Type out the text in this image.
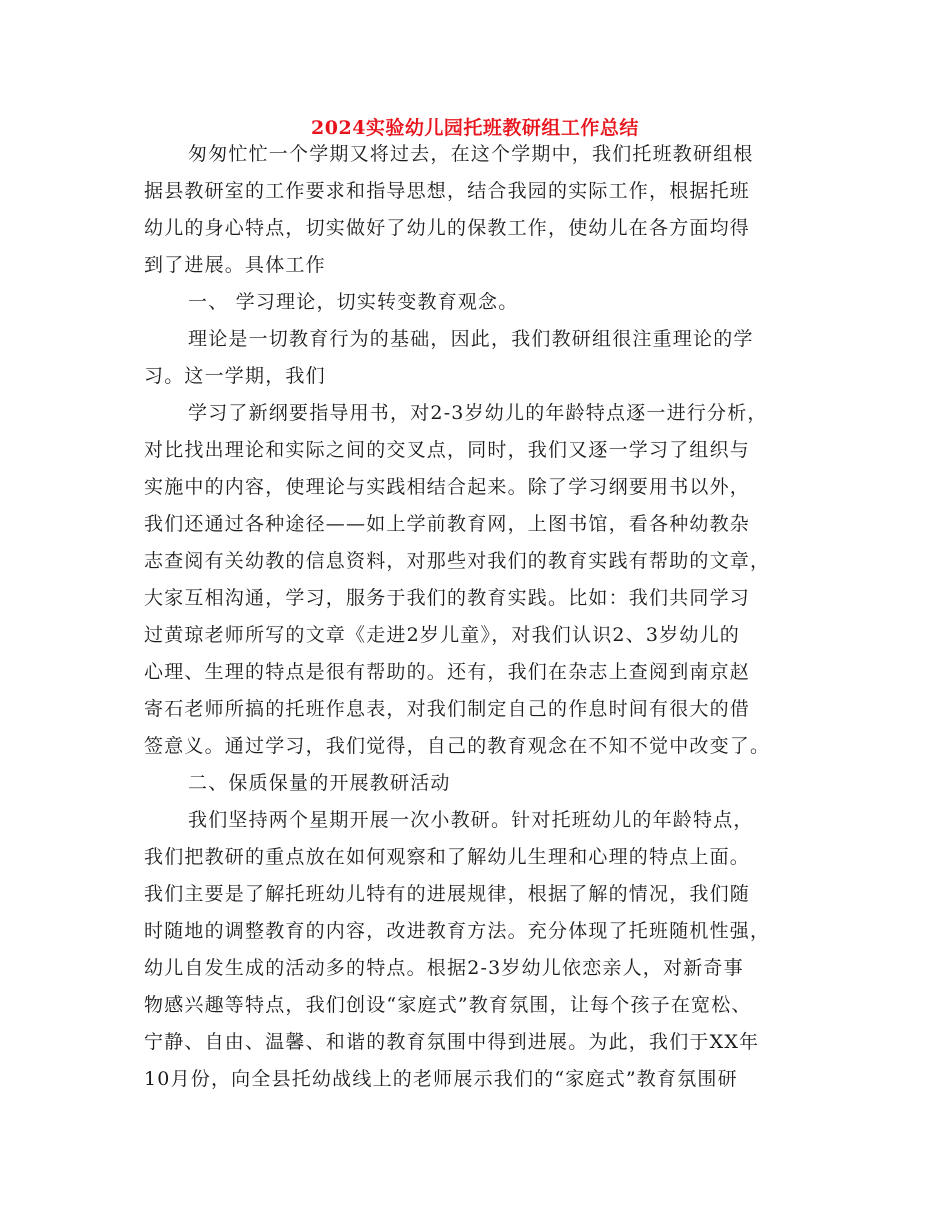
2024实验幼儿园托班教研组工作总结
匆匆忙忙一个学期又将过去，在这个学期中，我们托班教研组根
据县教研室的工作要求和指导思想，结合我园的实际工作，根据托班
幼儿的身心特点，切实做好了幼儿的保教工作，使幼儿在各方面均得
到了进展。具体工作
一、 学习理论，切实转变教育观念。
理论是一切教育行为的基础，因此，我们教研组很注重理论的学
习。这一学期，我们
学习了新纲要指导用书，对2-3岁幼儿的年龄特点逐一进行分析，
对比找出理论和实际之间的交叉点，同时，我们又逐一学习了组织与
实施中的内容，使理论与实践相结合起来。除了学习纲要用书以外，
我们还通过各种途径——如上学前教育网，上图书馆，看各种幼教杂
志查阅有关幼教的信息资料，对那些对我们的教育实践有帮助的文章，
大家互相沟通，学习，服务于我们的教育实践。比如：我们共同学习
过黄琼老师所写的文章《走进2岁儿童》，对我们认识2、3岁幼儿的
心理、生理的特点是很有帮助的。还有，我们在杂志上查阅到南京赵
寄石老师所搞的托班作息表，对我们制定自己的作息时间有很大的借
签意义。通过学习，我们觉得，自己的教育观念在不知不觉中改变了。
二、保质保量的开展教研活动
我们坚持两个星期开展一次小教研。针对托班幼儿的年龄特点，
我们把教研的重点放在如何观察和了解幼儿生理和心理的特点上面。
我们主要是了解托班幼儿特有的进展规律，根据了解的情况，我们随
时随地的调整教育的内容，改进教育方法。充分体现了托班随机性强，
幼儿自发生成的活动多的特点。根据2-3岁幼儿依恋亲人，对新奇事
物感兴趣等特点，我们创设“家庭式”教育氛围，让每个孩子在宽松、
宁静、自由、温馨、和谐的教育氛围中得到进展。为此，我们于XX年
10月份，向全县托幼战线上的老师展示我们的“家庭式”教育氛围研
